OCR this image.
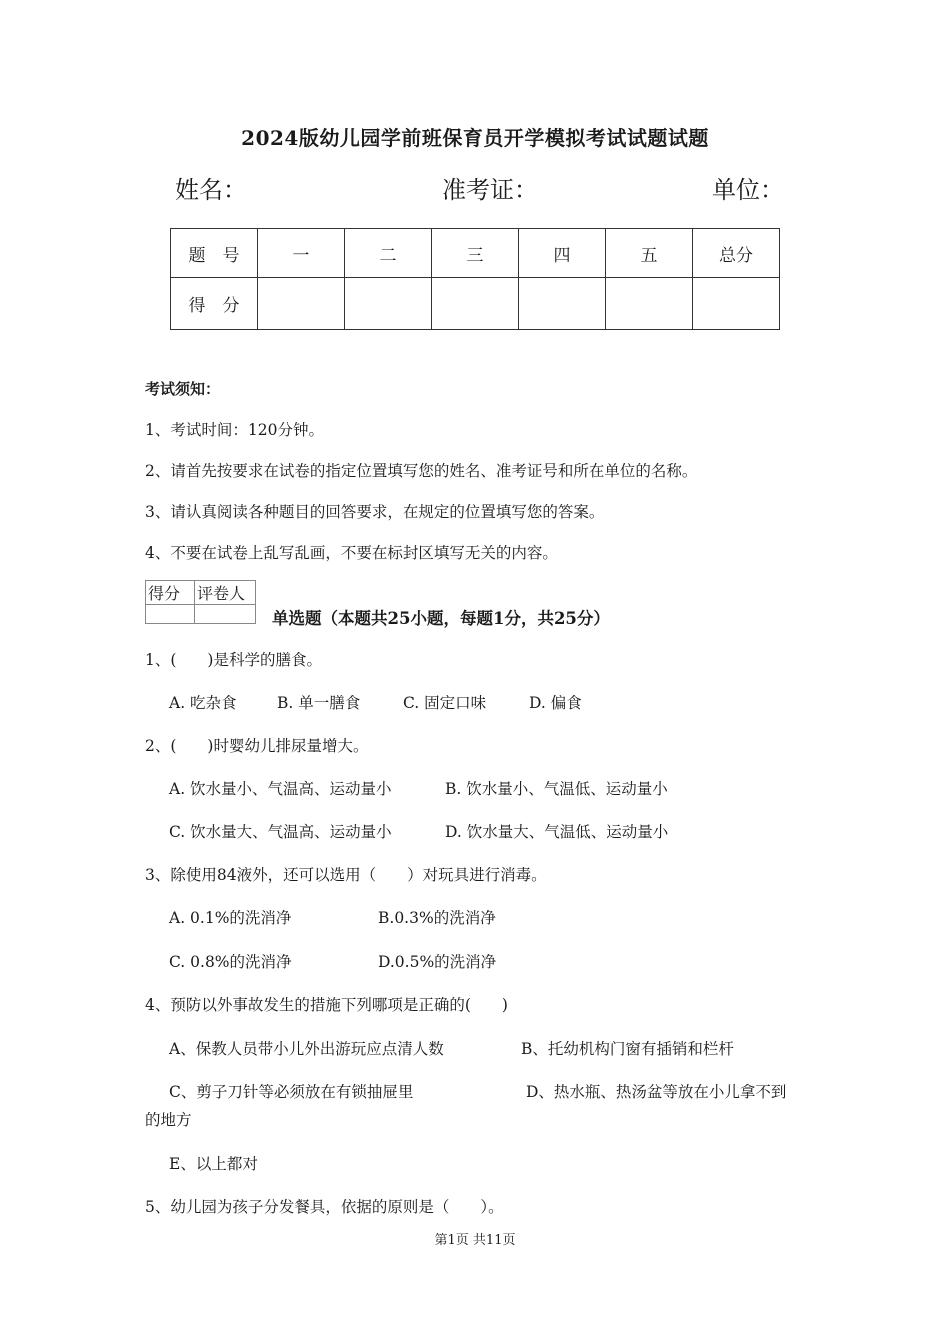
2024版幼儿园学前班保育员开学模拟考试试题试题
姓名：	准考证：	单位：
题　号	一	二	三	四	五	总分
得　分						
考试须知：
1、考试时间：120分钟。
2、请首先按要求在试卷的指定位置填写您的姓名、准考证号和所在单位的名称。
3、请认真阅读各种题目的回答要求，在规定的位置填写您的答案。
4、不要在试卷上乱写乱画，不要在标封区填写无关的内容。
得分	评卷人

单选题（本题共25小题，每题1分，共25分）
1、(　　)是科学的膳食。
A. 吃杂食	B. 单一膳食	C. 固定口味	D. 偏食
2、(　　)时婴幼儿排尿量增大。
A. 饮水量小、气温高、运动量小	B. 饮水量小、气温低、运动量小
C. 饮水量大、气温高、运动量小	D. 饮水量大、气温低、运动量小
3、除使用84液外，还可以选用（　　）对玩具进行消毒。
A. 0.1%的洗消净	B.0.3%的洗消净
C. 0.8%的洗消净	D.0.5%的洗消净
4、预防以外事故发生的措施下列哪项是正确的(　　)
A、保教人员带小儿外出游玩应点清人数	B、托幼机构门窗有插销和栏杆
C、剪子刀针等必须放在有锁抽屉里	D、热水瓶、热汤盆等放在小儿拿不到
的地方
E、以上都对
5、幼儿园为孩子分发餐具，依据的原则是（　　）。
第1页 共11页
